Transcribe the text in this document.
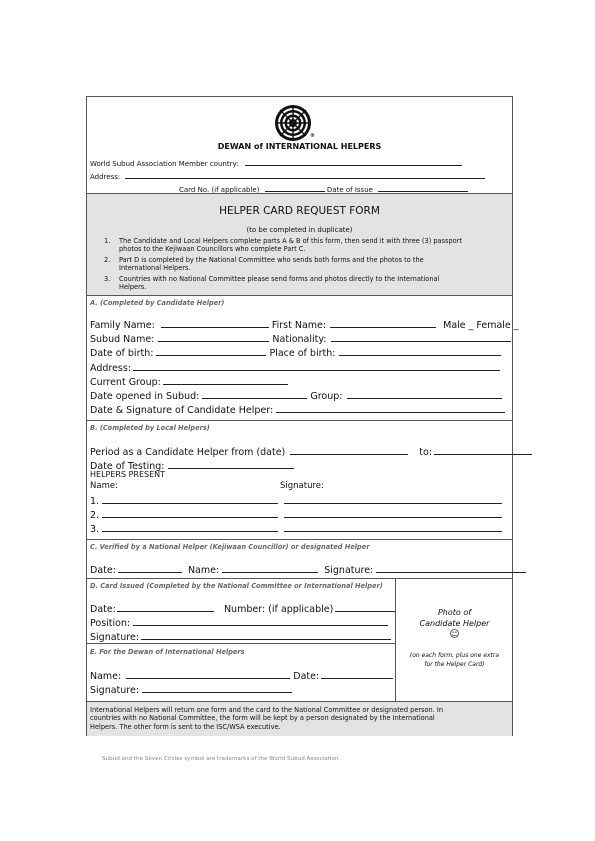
®
DEWAN of INTERNATIONAL HELPERS
World Subud Association Member country:
Address:
Card No. (if applicable)	Date of Issue
HELPER CARD REQUEST FORM
(to be completed in duplicate)
1. The Candidate and Local Helpers complete parts A & B of this form, then send it with three (3) passport
photos to the Kejiwaan Councillors who complete Part C.
2. Part D is completed by the National Committee who sends both forms and the photos to the
International Helpers.
3. Countries with no National Committee please send forms and photos directly to the International
Helpers.
A. (Completed by Candidate Helper)
Family Name:	First Name:	Male _ Female _
Subud Name:	Nationality:
Date of birth:	Place of birth:
Address:
Current Group:
Date opened in Subud:	Group:
Date & Signature of Candidate Helper:
B. (Completed by Local Helpers)
Period as a Candidate Helper from (date)	to:
Date of Testing:
HELPERS PRESENT
Name:	Signature:
1.
2.
3.
C. Verified by a National Helper (Kejiwaan Councillor) or designated Helper
Date:	Name:	Signature:
D. Card Issued (Completed by the National Committee or International Helper)
Date:	Number: (if applicable)
Position:
Signature:
E. For the Dewan of International Helpers
Name:	Date:
Signature:
Photo of
Candidate Helper
☺
(on each form, plus one extra
for the Helper Card)
International Helpers will return one form and the card to the National Committee or designated person. In
countries with no National Committee, the form will be kept by a person designated by the International
Helpers. The other form is sent to the ISC/WSA executive.
Subud and the Seven Circles symbol are trademarks of the World Subud Association
